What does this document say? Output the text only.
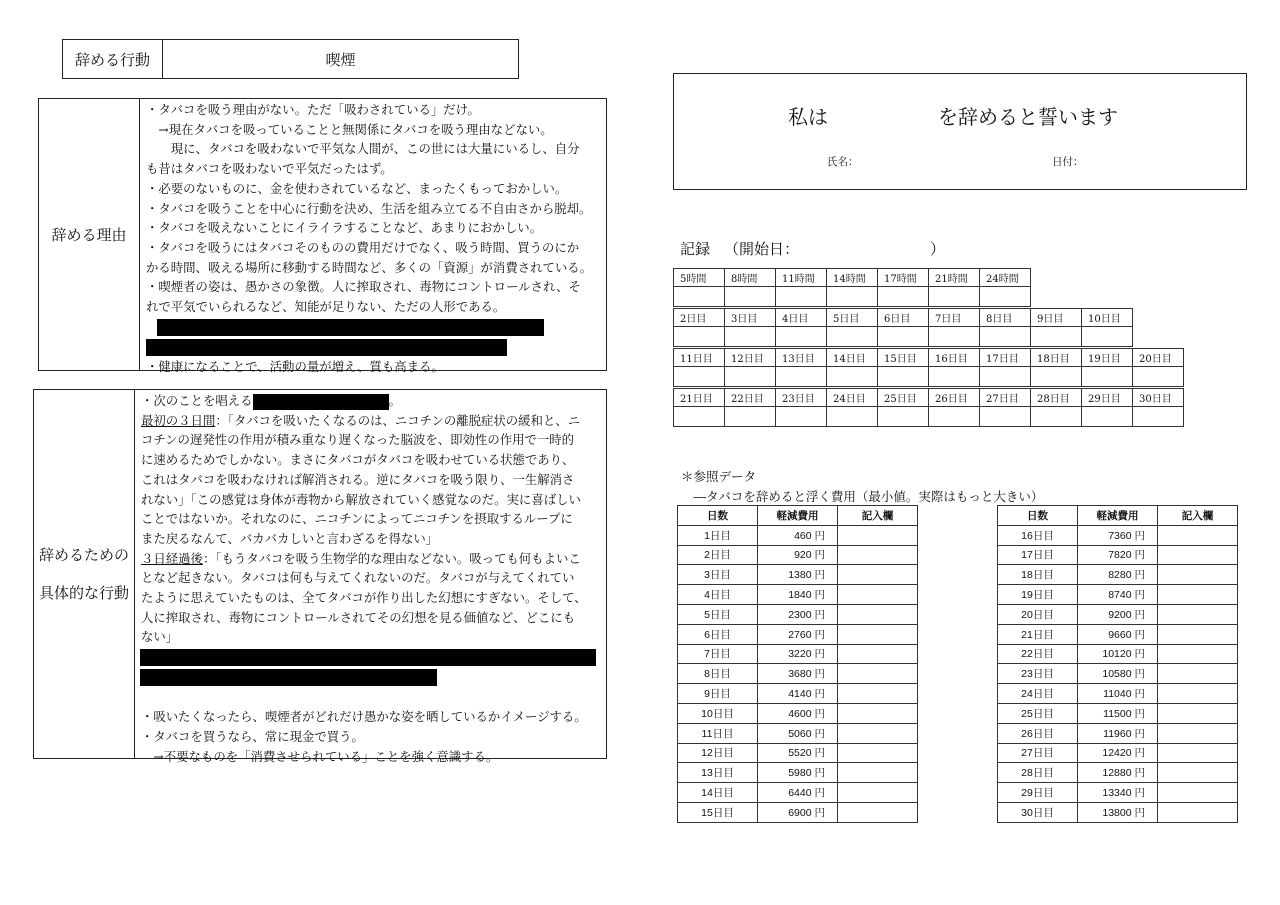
辞める行動	喫煙
辞める理由
・タバコを吸う理由がない。ただ「吸わされている」だけ。
　→現在タバコを吸っていることと無関係にタバコを吸う理由などない。
　　現に、タバコを吸わないで平気な人間が、この世には大量にいるし、自分
も昔はタバコを吸わないで平気だったはず。
・必要のないものに、金を使わされているなど、まったくもっておかしい。
・タバコを吸うことを中心に行動を決め、生活を組み立てる不自由さから脱却。
・タバコを吸えないことにイライラすることなど、あまりにおかしい。
・タバコを吸うにはタバコそのものの費用だけでなく、吸う時間、買うのにか
かる時間、吸える場所に移動する時間など、多くの「資源」が消費されている。
・喫煙者の姿は、愚かさの象徴。人に搾取され、毒物にコントロールされ、そ
れで平気でいられるなど、知能が足りない、ただの人形である。
・健康になることで、活動の量が増え、質も高まる。
辞めるための
具体的な行動
・次のことを唱える	。
最初の３日間：「タバコを吸いたくなるのは、ニコチンの離脱症状の緩和と、ニ
コチンの遅発性の作用が積み重なり遅くなった脳波を、即効性の作用で一時的
に速めるためでしかない。まさにタバコがタバコを吸わせている状態であり、
これはタバコを吸わなければ解消される。逆にタバコを吸う限り、一生解消さ
れない」「この感覚は身体が毒物から解放されていく感覚なのだ。実に喜ばしい
ことではないか。それなのに、ニコチンによってニコチンを摂取するループに
また戻るなんて、バカバカしいと言わざるを得ない」
３日経過後：「もうタバコを吸う生物学的な理由などない。吸っても何もよいこ
となど起きない。タバコは何も与えてくれないのだ。タバコが与えてくれてい
たように思えていたものは、全てタバコが作り出した幻想にすぎない。そして、
人に搾取され、毒物にコントロールされてその幻想を見る価値など、どこにも
ない」
・吸いたくなったら、喫煙者がどれだけ愚かな姿を晒しているかイメージする。
・タバコを買うなら、常に現金で買う。
　→不要なものを「消費させられている」ことを強く意識する。
私は	を辞めると誓います
氏名：	日付：
記録 （開始日：	）
5時間	8時間	11時間	14時間	17時間	21時間	24時間

2日目	3日目	4日目	5日目	6日目	7日目	8日目	9日目	10日目

11日目	12日目	13日目	14日目	15日目	16日目	17日目	18日目	19日目	20日目

21日目	22日目	23日目	24日目	25日目	26日目	27日目	28日目	29日目	30日目

＊参照データ
　―タバコを辞めると浮く費用（最小値。実際はもっと大きい）
日数	軽減費用	記入欄
1日目	460 円	
2日目	920 円	
3日目	1380 円	
4日目	1840 円	
5日目	2300 円	
6日目	2760 円	
7日目	3220 円	
8日目	3680 円	
9日目	4140 円	
10日目	4600 円	
11日目	5060 円	
12日目	5520 円	
13日目	5980 円	
14日目	6440 円	
15日目	6900 円	
日数	軽減費用	記入欄
16日目	7360 円	
17日目	7820 円	
18日目	8280 円	
19日目	8740 円	
20日目	9200 円	
21日目	9660 円	
22日目	10120 円	
23日目	10580 円	
24日目	11040 円	
25日目	11500 円	
26日目	11960 円	
27日目	12420 円	
28日目	12880 円	
29日目	13340 円	
30日目	13800 円	
